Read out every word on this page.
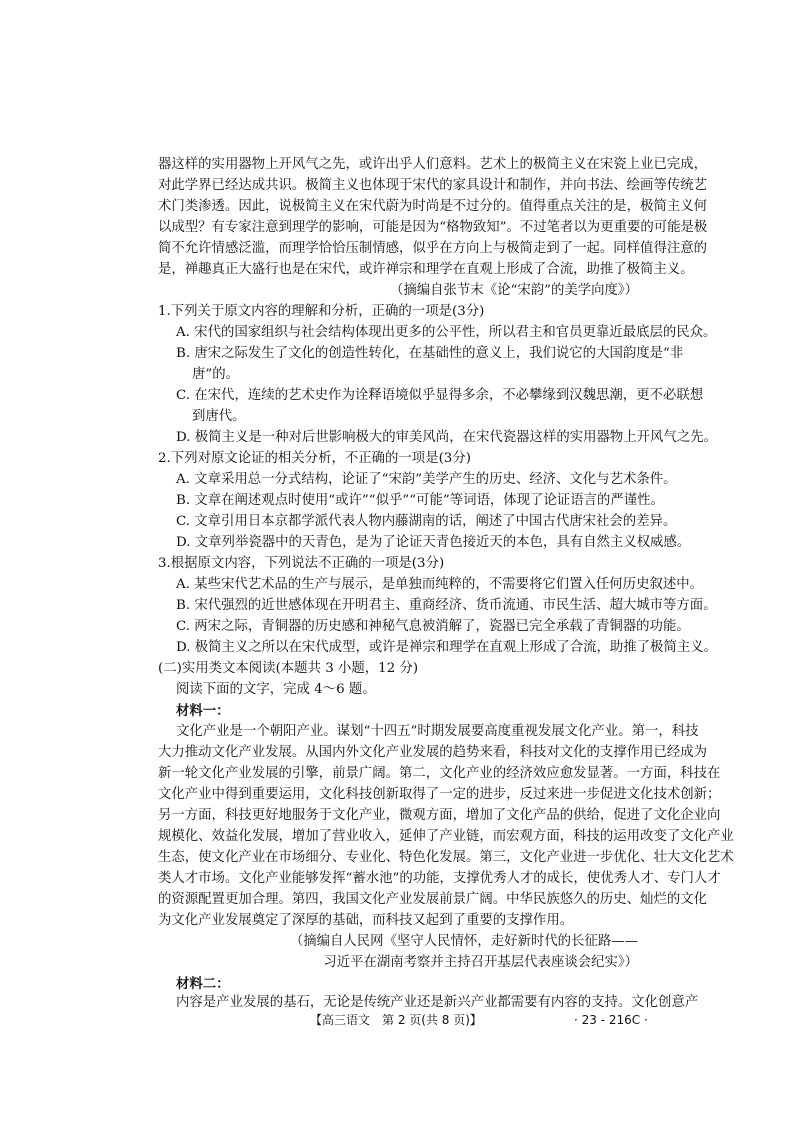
器这样的实用器物上开风气之先，或许出乎人们意料。艺术上的极简主义在宋瓷上业已完成，
对此学界已经达成共识。极简主义也体现于宋代的家具设计和制作，并向书法、绘画等传统艺
术门类渗透。因此，说极简主义在宋代蔚为时尚是不过分的。值得重点关注的是，极简主义何
以成型？有专家注意到理学的影响，可能是因为“格物致知”。不过笔者以为更重要的可能是极
简不允许情感泛滥，而理学恰恰压制情感，似乎在方向上与极简走到了一起。同样值得注意的
是，禅趣真正大盛行也是在宋代，或许禅宗和理学在直观上形成了合流，助推了极简主义。
（摘编自张节末《论“宋韵”的美学向度》）
1.下列关于原文内容的理解和分析，正确的一项是(3分)
A. 宋代的国家组织与社会结构体现出更多的公平性，所以君主和官员更靠近最底层的民众。
B. 唐宋之际发生了文化的创造性转化，在基础性的意义上，我们说它的大国韵度是“非
唐”的。
C. 在宋代，连续的艺术史作为诠释语境似乎显得多余，不必攀缘到汉魏思潮，更不必联想
到唐代。
D. 极简主义是一种对后世影响极大的审美风尚，在宋代瓷器这样的实用器物上开风气之先。
2.下列对原文论证的相关分析，不正确的一项是(3分)
A. 文章采用总一分式结构，论证了“宋韵”美学产生的历史、经济、文化与艺术条件。
B. 文章在阐述观点时使用“或许”“似乎”“可能”等词语，体现了论证语言的严谨性。
C. 文章引用日本京都学派代表人物内藤湖南的话，阐述了中国古代唐宋社会的差异。
D. 文章列举瓷器中的天青色，是为了论证天青色接近天的本色，具有自然主义权威感。
3.根据原文内容，下列说法不正确的一项是(3分)
A. 某些宋代艺术品的生产与展示，是单独而纯粹的，不需要将它们置入任何历史叙述中。
B. 宋代强烈的近世感体现在开明君主、重商经济、货币流通、市民生活、超大城市等方面。
C. 两宋之际，青铜器的历史感和神秘气息被消解了，瓷器已完全承载了青铜器的功能。
D. 极简主义之所以在宋代成型，或许是禅宗和理学在直观上形成了合流，助推了极简主义。
(二)实用类文本阅读(本题共 3 小题，12 分)
阅读下面的文字，完成 4～6 题。
材料一：
文化产业是一个朝阳产业。谋划“十四五”时期发展要高度重视发展文化产业。第一，科技
大力推动文化产业发展。从国内外文化产业发展的趋势来看，科技对文化的支撑作用已经成为
新一轮文化产业发展的引擎，前景广阔。第二，文化产业的经济效应愈发显著。一方面，科技在
文化产业中得到重要运用，文化科技创新取得了一定的进步，反过来进一步促进文化技术创新；
另一方面，科技更好地服务于文化产业，微观方面，增加了文化产品的供给，促进了文化企业向
规模化、效益化发展，增加了营业收入，延伸了产业链，而宏观方面，科技的运用改变了文化产业
生态，使文化产业在市场细分、专业化、特色化发展。第三，文化产业进一步优化、壮大文化艺术
类人才市场。文化产业能够发挥“蓄水池”的功能，支撑优秀人才的成长，使优秀人才、专门人才
的资源配置更加合理。第四，我国文化产业发展前景广阔。中华民族悠久的历史、灿烂的文化
为文化产业发展奠定了深厚的基础，而科技又起到了重要的支撑作用。
（摘编自人民网《坚守人民情怀，走好新时代的长征路——
习近平在湖南考察并主持召开基层代表座谈会纪实》）
【高三语文　第 2 页(共 8 页)】	· 23 - 216C ·
材料二：
内容是产业发展的基石，无论是传统产业还是新兴产业都需要有内容的支持。文化创意产
